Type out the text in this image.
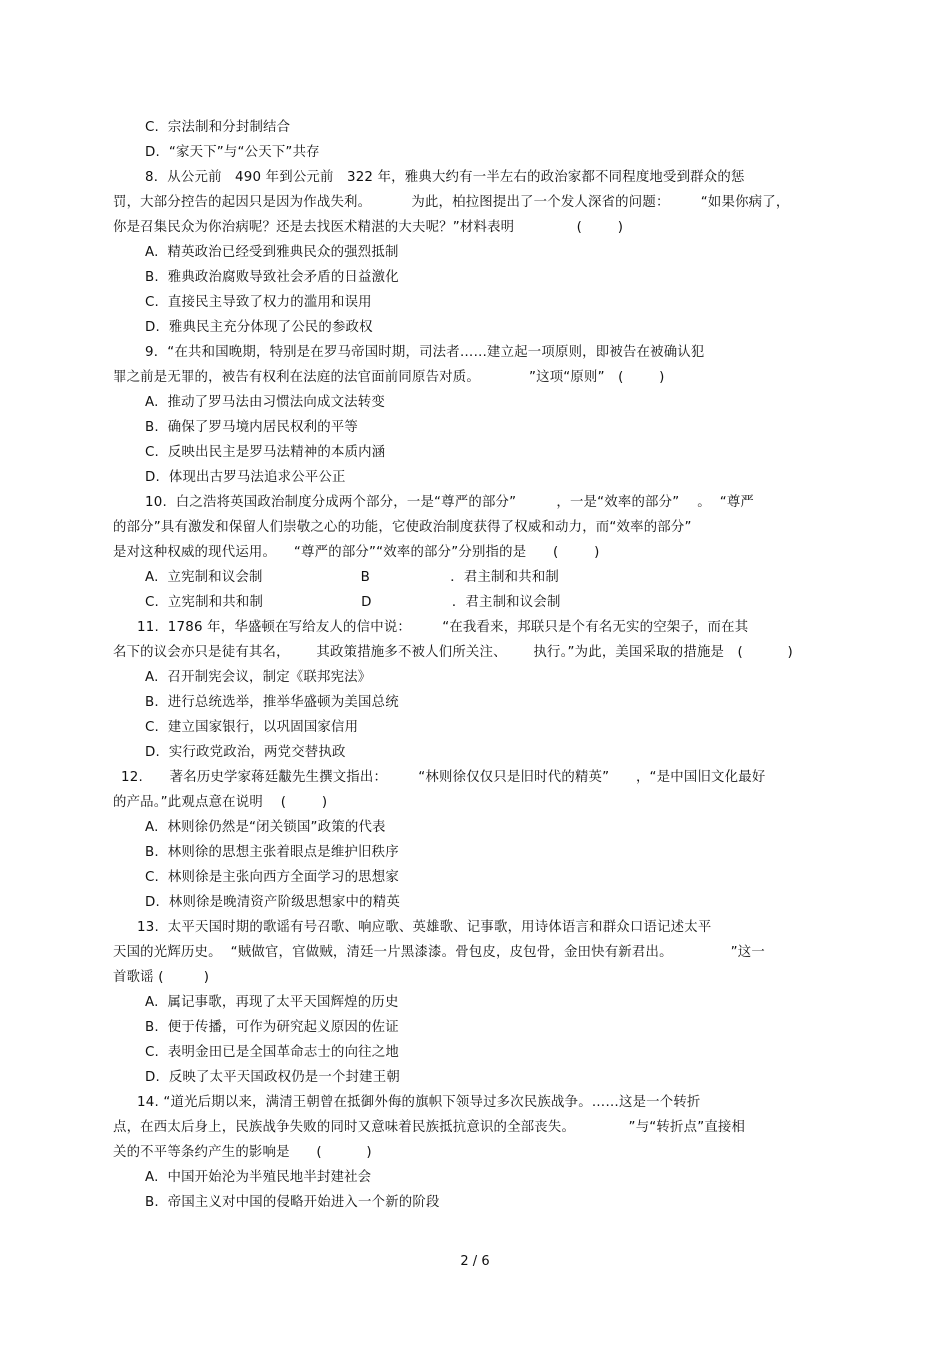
C.  宗法制和分封制结合
D.  “家天下”与“公天下”共存
8．从公元前   490 年到公元前   322 年，雅典大约有一半左右的政治家都不同程度地受到群众的惩
罚，大部分控告的起因只是因为作战失利。         为此，柏拉图提出了一个发人深省的问题：       “如果你病了，
你是召集民众为你治病呢？还是去找医术精湛的大夫呢？”材料表明              (        )
A.  精英政治已经受到雅典民众的强烈抵制
B.  雅典政治腐败导致社会矛盾的日益激化
C.  直接民主导致了权力的滥用和误用
D.  雅典民主充分体现了公民的参政权
9．“在共和国晚期，特别是在罗马帝国时期，司法者……建立起一项原则，即被告在被确认犯
罪之前是无罪的，被告有权利在法庭的法官面前同原告对质。           ”这项“原则”   (        )
A.  推动了罗马法由习惯法向成文法转变
B.  确保了罗马境内居民权利的平等
C.  反映出民主是罗马法精神的本质内涵
D.  体现出古罗马法追求公平公正
10.  白之浩将英国政治制度分成两个部分，一是“尊严的部分”         ，一是“效率的部分”    。  “尊严
的部分”具有激发和保留人们崇敬之心的功能，它使政治制度获得了权威和动力，而“效率的部分”
是对这种权威的现代运用。    “尊严的部分”“效率的部分”分别指的是      (        )
A.  立宪制和议会制                      B                  ．君主制和共和制
C.  立宪制和共和制                      D                  ．君主制和议会制
11.  1786 年，华盛顿在写给友人的信中说：       “在我看来，邦联只是个有名无实的空架子，而在其
名下的议会亦只是徒有其名，      其政策措施多不被人们所关注、      执行。”为此，美国采取的措施是   (          )
A.  召开制宪会议，制定《联邦宪法》
B.  进行总统选举，推举华盛顿为美国总统
C.  建立国家银行，以巩固国家信用
D.  实行政党政治，两党交替执政
12.      著名历史学家蒋廷黻先生撰文指出：       “林则徐仅仅只是旧时代的精英”      ，“是中国旧文化最好
的产品。”此观点意在说明    (        )
A.  林则徐仍然是“闭关锁国”政策的代表
B.  林则徐的思想主张着眼点是维护旧秩序
C.  林则徐是主张向西方全面学习的思想家
D.  林则徐是晚清资产阶级思想家中的精英
13.  太平天国时期的歌谣有号召歌、响应歌、英雄歌、记事歌，用诗体语言和群众口语记述太平
天国的光辉历史。  “贼做官，官做贼，清廷一片黑漆漆。骨包皮，皮包骨，金田快有新君出。             ”这一
首歌谣 (         )
A.  属记事歌，再现了太平天国辉煌的历史
B.  便于传播，可作为研究起义原因的佐证
C.  表明金田已是全国革命志士的向往之地
D.  反映了太平天国政权仍是一个封建王朝
14. “道光后期以来，满清王朝曾在抵御外侮的旗帜下领导过多次民族战争。……这是一个转折
点，在西太后身上，民族战争失败的同时又意味着民族抵抗意识的全部丧失。            ”与“转折点”直接相
关的不平等条约产生的影响是      (          )
A.  中国开始沦为半殖民地半封建社会
B.  帝国主义对中国的侵略开始进入一个新的阶段
2 / 6
